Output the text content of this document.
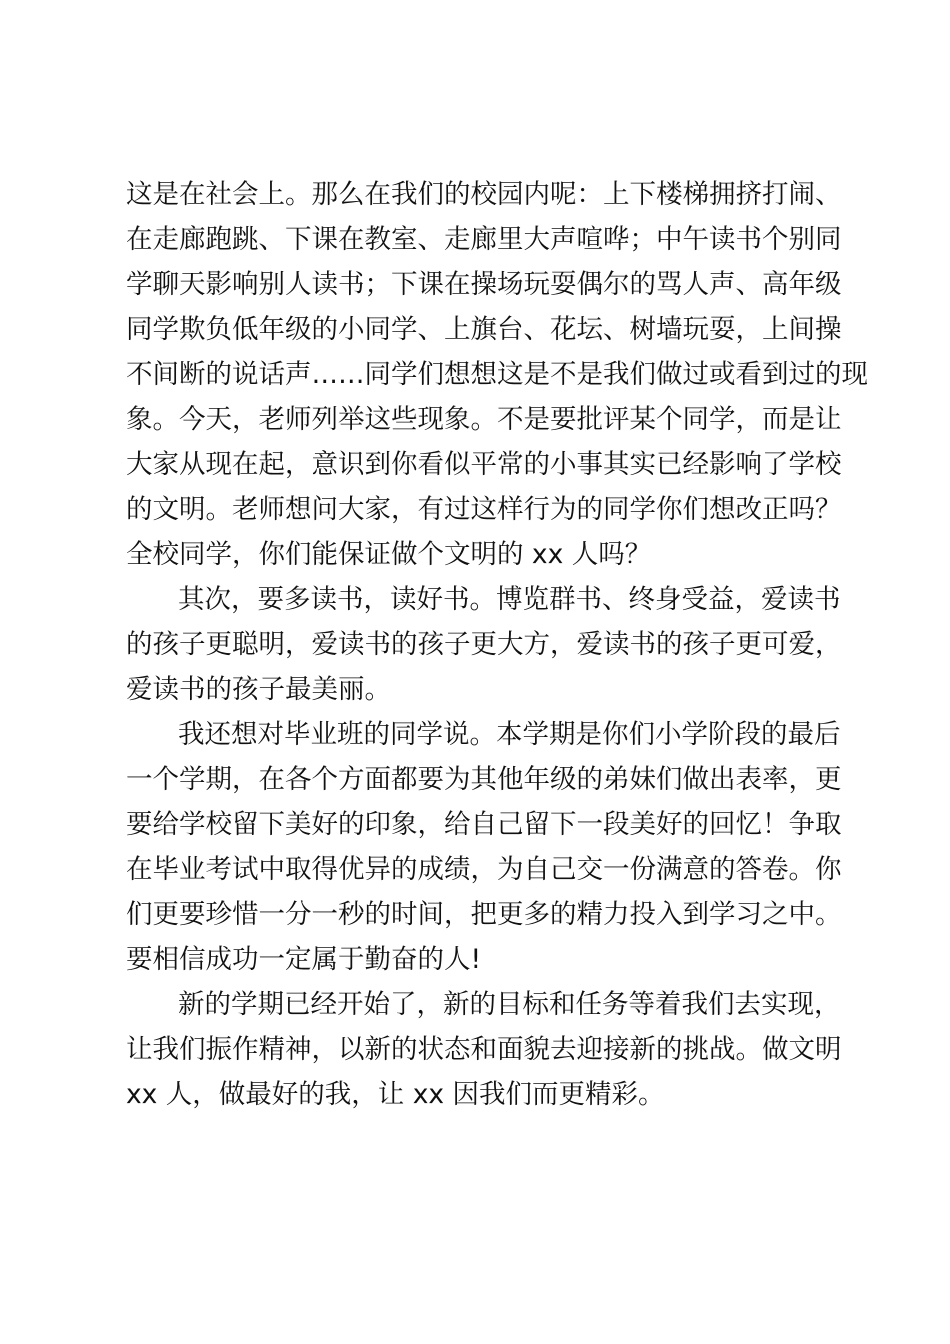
这是在社会上。那么在我们的校园内呢：上下楼梯拥挤打闹、
在走廊跑跳、下课在教室、走廊里大声喧哗；中午读书个别同
学聊天影响别人读书；下课在操场玩耍偶尔的骂人声、高年级
同学欺负低年级的小同学、上旗台、花坛、树墙玩耍，上间操
不间断的说话声……同学们想想这是不是我们做过或看到过的现
象。今天，老师列举这些现象。不是要批评某个同学，而是让
大家从现在起，意识到你看似平常的小事其实已经影响了学校
的文明。老师想问大家，有过这样行为的同学你们想改正吗？
全校同学，你们能保证做个文明的 xx 人吗？

其次，要多读书，读好书。博览群书、终身受益，爱读书
的孩子更聪明，爱读书的孩子更大方，爱读书的孩子更可爱，
爱读书的孩子最美丽。

我还想对毕业班的同学说。本学期是你们小学阶段的最后
一个学期，在各个方面都要为其他年级的弟妹们做出表率，更
要给学校留下美好的印象，给自己留下一段美好的回忆！争取
在毕业考试中取得优异的成绩，为自己交一份满意的答卷。你
们更要珍惜一分一秒的时间，把更多的精力投入到学习之中。
要相信成功一定属于勤奋的人!

新的学期已经开始了，新的目标和任务等着我们去实现，
让我们振作精神，以新的状态和面貌去迎接新的挑战。做文明
xx 人，做最好的我，让 xx 因我们而更精彩。
